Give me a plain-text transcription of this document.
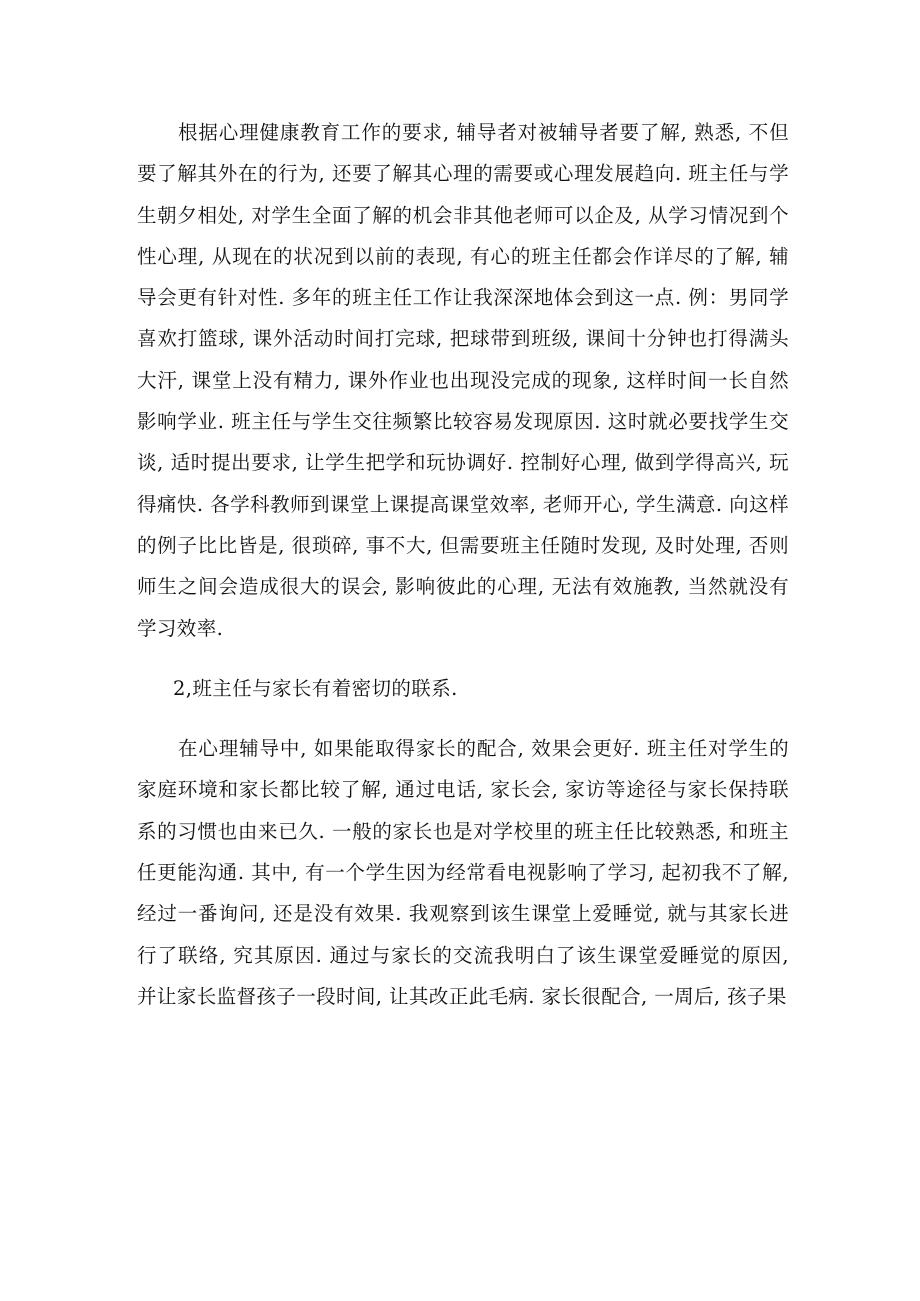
根据心理健康教育工作的要求, 辅导者对被辅导者要了解, 熟悉, 不但要了解其外在的行为, 还要了解其心理的需要或心理发展趋向. 班主任与学生朝夕相处, 对学生全面了解的机会非其他老师可以企及, 从学习情况到个性心理, 从现在的状况到以前的表现, 有心的班主任都会作详尽的了解, 辅导会更有针对性. 多年的班主任工作让我深深地体会到这一点. 例：男同学喜欢打篮球, 课外活动时间打完球, 把球带到班级, 课间十分钟也打得满头大汗, 课堂上没有精力, 课外作业也出现没完成的现象, 这样时间一长自然影响学业. 班主任与学生交往频繁比较容易发现原因. 这时就必要找学生交谈, 适时提出要求, 让学生把学和玩协调好. 控制好心理, 做到学得高兴, 玩得痛快. 各学科教师到课堂上课提高课堂效率, 老师开心, 学生满意. 向这样的例子比比皆是, 很琐碎, 事不大, 但需要班主任随时发现, 及时处理, 否则师生之间会造成很大的误会, 影响彼此的心理, 无法有效施教, 当然就没有学习效率.

2,班主任与家长有着密切的联系.

在心理辅导中, 如果能取得家长的配合, 效果会更好. 班主任对学生的家庭环境和家长都比较了解, 通过电话, 家长会, 家访等途径与家长保持联系的习惯也由来已久. 一般的家长也是对学校里的班主任比较熟悉, 和班主任更能沟通. 其中, 有一个学生因为经常看电视影响了学习, 起初我不了解, 经过一番询问, 还是没有效果. 我观察到该生课堂上爱睡觉, 就与其家长进行了联络, 究其原因. 通过与家长的交流我明白了该生课堂爱睡觉的原因, 并让家长监督孩子一段时间, 让其改正此毛病. 家长很配合, 一周后, 孩子果
